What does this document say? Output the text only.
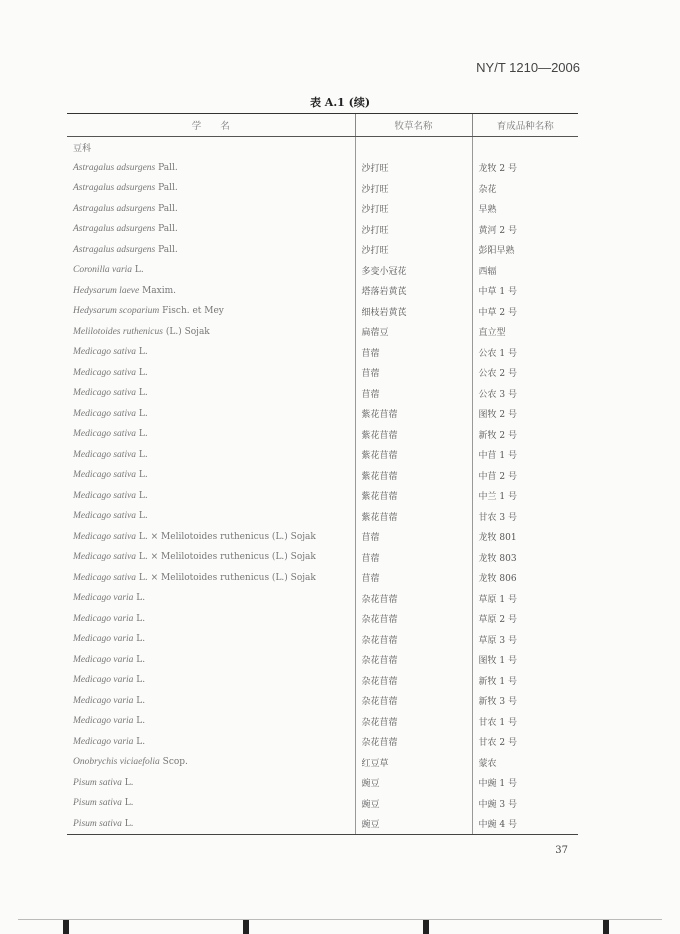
NY/T 1210—2006
表 A.1 (续)
学　　名	牧草名称	育成品种名称
豆科		
Astragalus adsurgens Pall.	沙打旺	龙牧 2 号
Astragalus adsurgens Pall.	沙打旺	杂花
Astragalus adsurgens Pall.	沙打旺	早熟
Astragalus adsurgens Pall.	沙打旺	黄河 2 号
Astragalus adsurgens Pall.	沙打旺	彭阳早熟
Coronilla varia L.	多变小冠花	西辐
Hedysarum laeve Maxim.	塔落岩黄芪	中草 1 号
Hedysarum scoparium Fisch. et Mey	细枝岩黄芪	中草 2 号
Melilotoides ruthenicus (L.) Sojak	扁蓿豆	直立型
Medicago sativa L.	苜蓿	公农 1 号
Medicago sativa L.	苜蓿	公农 2 号
Medicago sativa L.	苜蓿	公农 3 号
Medicago sativa L.	紫花苜蓿	图牧 2 号
Medicago sativa L.	紫花苜蓿	新牧 2 号
Medicago sativa L.	紫花苜蓿	中苜 1 号
Medicago sativa L.	紫花苜蓿	中苜 2 号
Medicago sativa L.	紫花苜蓿	中兰 1 号
Medicago sativa L.	紫花苜蓿	甘农 3 号
Medicago sativa L. × Melilotoides ruthenicus (L.) Sojak	苜蓿	龙牧 801
Medicago sativa L. × Melilotoides ruthenicus (L.) Sojak	苜蓿	龙牧 803
Medicago sativa L. × Melilotoides ruthenicus (L.) Sojak	苜蓿	龙牧 806
Medicago varia L.	杂花苜蓿	草原 1 号
Medicago varia L.	杂花苜蓿	草原 2 号
Medicago varia L.	杂花苜蓿	草原 3 号
Medicago varia L.	杂花苜蓿	图牧 1 号
Medicago varia L.	杂花苜蓿	新牧 1 号
Medicago varia L.	杂花苜蓿	新牧 3 号
Medicago varia L.	杂花苜蓿	甘农 1 号
Medicago varia L.	杂花苜蓿	甘农 2 号
Onobrychis viciaefolia Scop.	红豆草	蒙农
Pisum sativa L.	豌豆	中豌 1 号
Pisum sativa L.	豌豆	中豌 3 号
Pisum sativa L.	豌豆	中豌 4 号
37
